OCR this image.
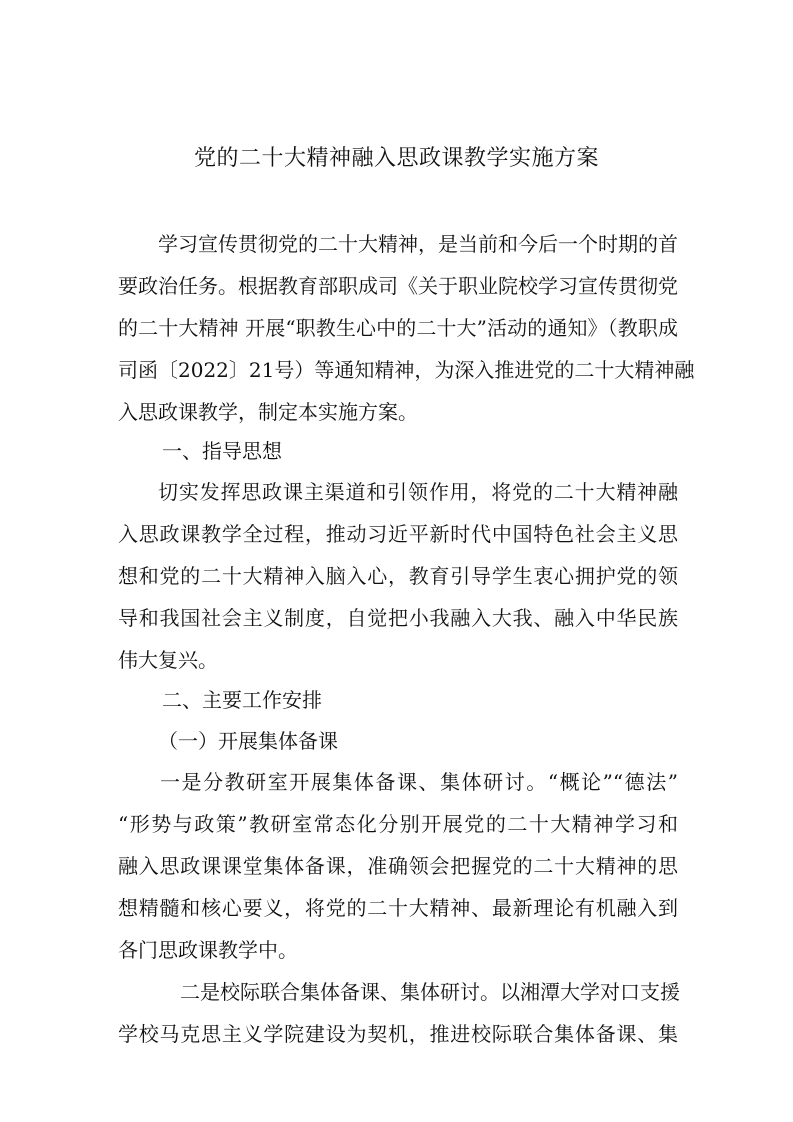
党的二十大精神融入思政课教学实施方案
学习宣传贯彻党的二十大精神，是当前和今后一个时期的首
要政治任务。根据教育部职成司《关于职业院校学习宣传贯彻党
的二十大精神 开展“职教生心中的二十大”活动的通知》（教职成
司函〔2022〕21号）等通知精神，为深入推进党的二十大精神融
入思政课教学，制定本实施方案。
一、指导思想
切实发挥思政课主渠道和引领作用，将党的二十大精神融
入思政课教学全过程，推动习近平新时代中国特色社会主义思
想和党的二十大精神入脑入心，教育引导学生衷心拥护党的领
导和我国社会主义制度，自觉把小我融入大我、融入中华民族
伟大复兴。
二、主要工作安排
（一）开展集体备课
一是分教研室开展集体备课、集体研讨。“概论”“德法”
“形势与政策”教研室常态化分别开展党的二十大精神学习和
融入思政课课堂集体备课，准确领会把握党的二十大精神的思
想精髓和核心要义，将党的二十大精神、最新理论有机融入到
各门思政课教学中。
二是校际联合集体备课、集体研讨。以湘潭大学对口支援
学校马克思主义学院建设为契机，推进校际联合集体备课、集
